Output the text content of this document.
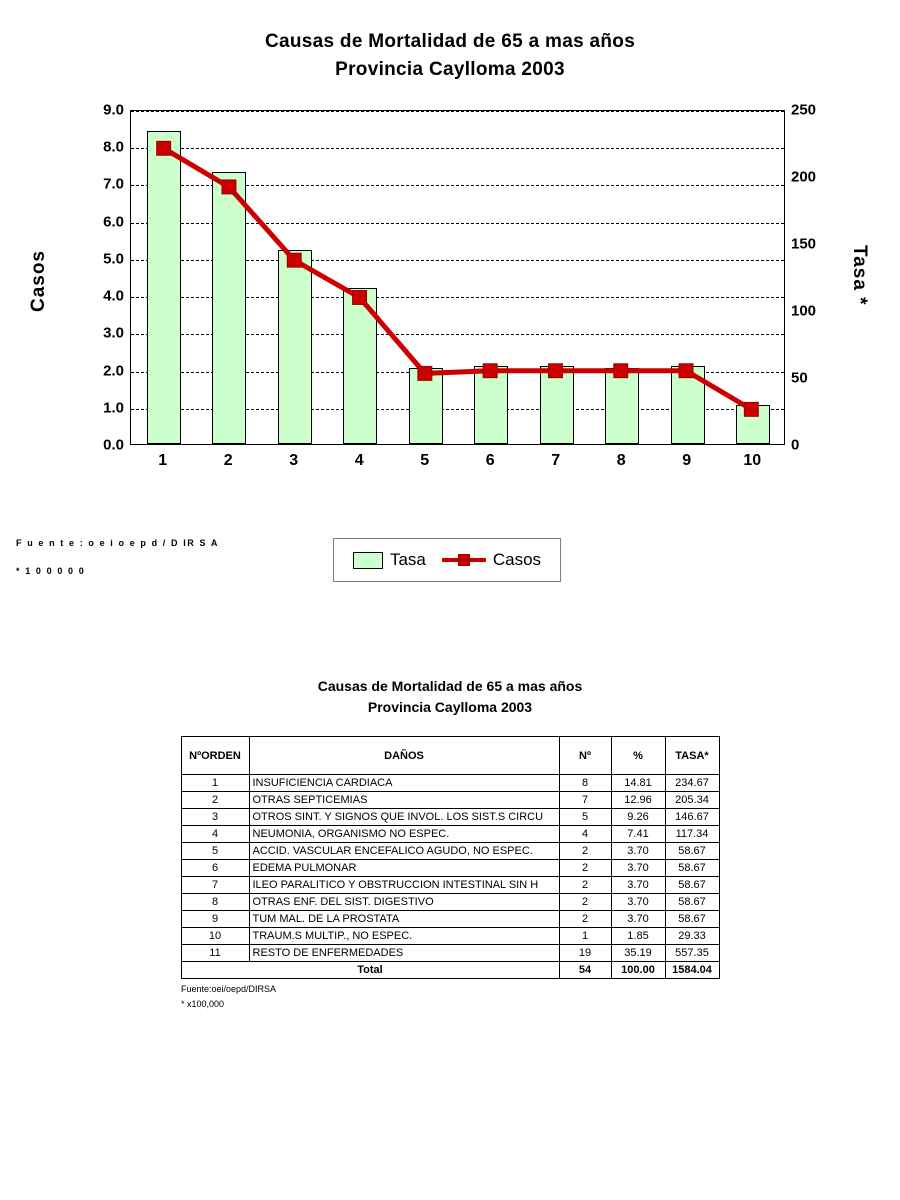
Causas de Mortalidad de 65 a mas años
Provincia Caylloma 2003
Casos	Tasa *
0.0
1.0
2.0
3.0
4.0
5.0
6.0
7.0
8.0
9.0
0
50
100
150
200
250
1	2	3	4	5	6	7	8	9	10
F u e n t e : o e i o e p d / D IR S A
* 1 0 0 0 0 0
Tasa	Casos
Causas de Mortalidad de 65 a mas años
Provincia Caylloma 2003
NºORDEN	DAÑOS	Nº	%	TASA*
1	INSUFICIENCIA CARDIACA	8	14.81	234.67
2	OTRAS SEPTICEMIAS	7	12.96	205.34
3	OTROS SINT. Y SIGNOS QUE INVOL. LOS SIST.S CIRCU	5	9.26	146.67
4	NEUMONIA, ORGANISMO NO ESPEC.	4	7.41	117.34
5	ACCID. VASCULAR ENCEFALICO AGUDO, NO ESPEC.	2	3.70	58.67
6	EDEMA PULMONAR	2	3.70	58.67
7	ILEO PARALITICO Y OBSTRUCCION INTESTINAL SIN H	2	3.70	58.67
8	OTRAS ENF. DEL SIST. DIGESTIVO	2	3.70	58.67
9	TUM MAL. DE LA PROSTATA	2	3.70	58.67
10	TRAUM.S MULTIP., NO ESPEC.	1	1.85	29.33
11	RESTO DE ENFERMEDADES	19	35.19	557.35
Total		54	100.00	1584.04
Fuente:oei/oepd/DIRSA
* x100,000
